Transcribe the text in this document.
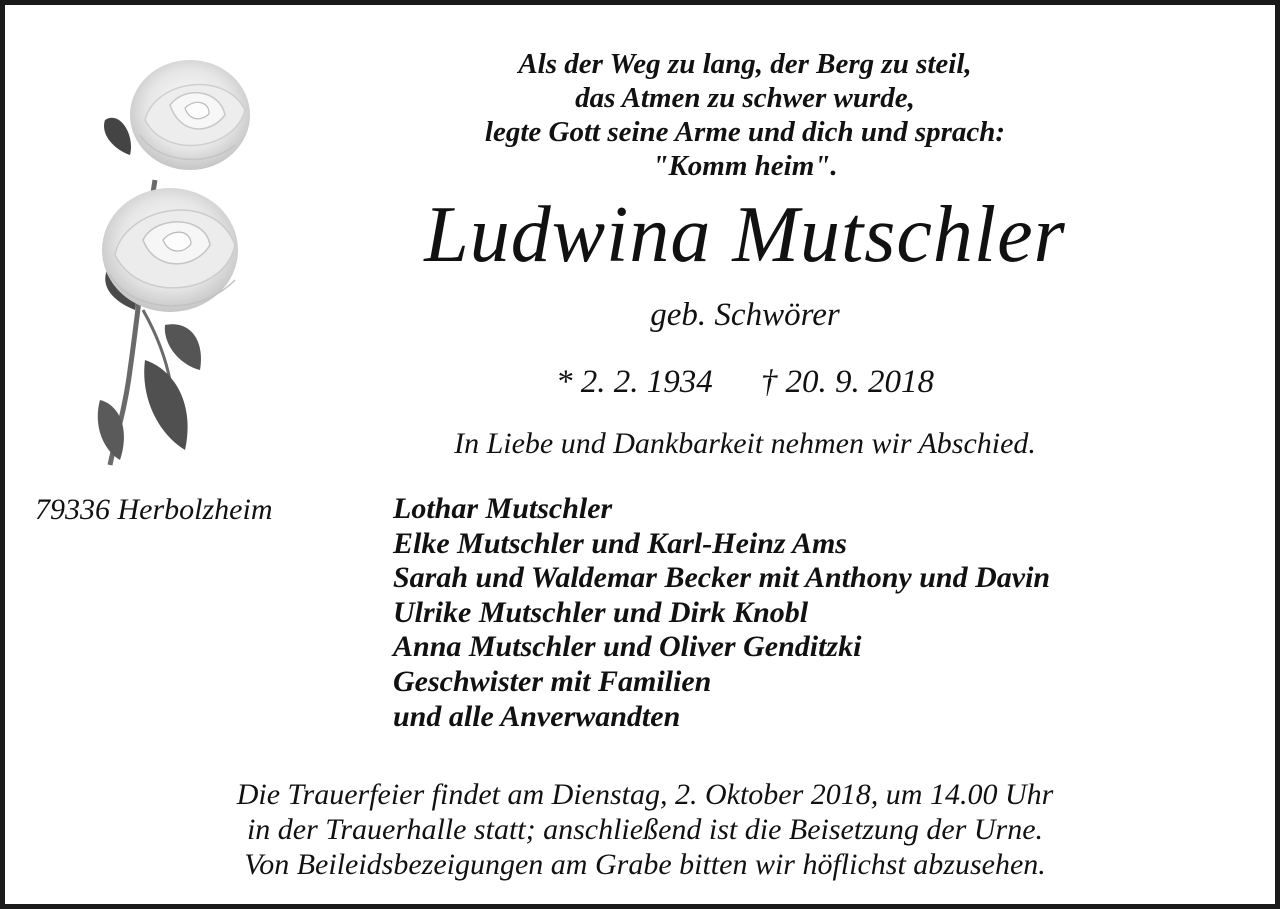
Als der Weg zu lang, der Berg zu steil,
das Atmen zu schwer wurde,
legte Gott seine Arme und dich und sprach:
"Komm heim".
Ludwina Mutschler
geb. Schwörer
* 2. 2. 1934 † 20. 9. 2018
In Liebe und Dankbarkeit nehmen wir Abschied.
79336 Herbolzheim	Lothar Mutschler
Elke Mutschler und Karl-Heinz Ams
Sarah und Waldemar Becker mit Anthony und Davin
Ulrike Mutschler und Dirk Knobl
Anna Mutschler und Oliver Genditzki
Geschwister mit Familien
und alle Anverwandten
Die Trauerfeier findet am Dienstag, 2. Oktober 2018, um 14.00 Uhr
in der Trauerhalle statt; anschließend ist die Beisetzung der Urne.
Von Beileidsbezeigungen am Grabe bitten wir höflichst abzusehen.
